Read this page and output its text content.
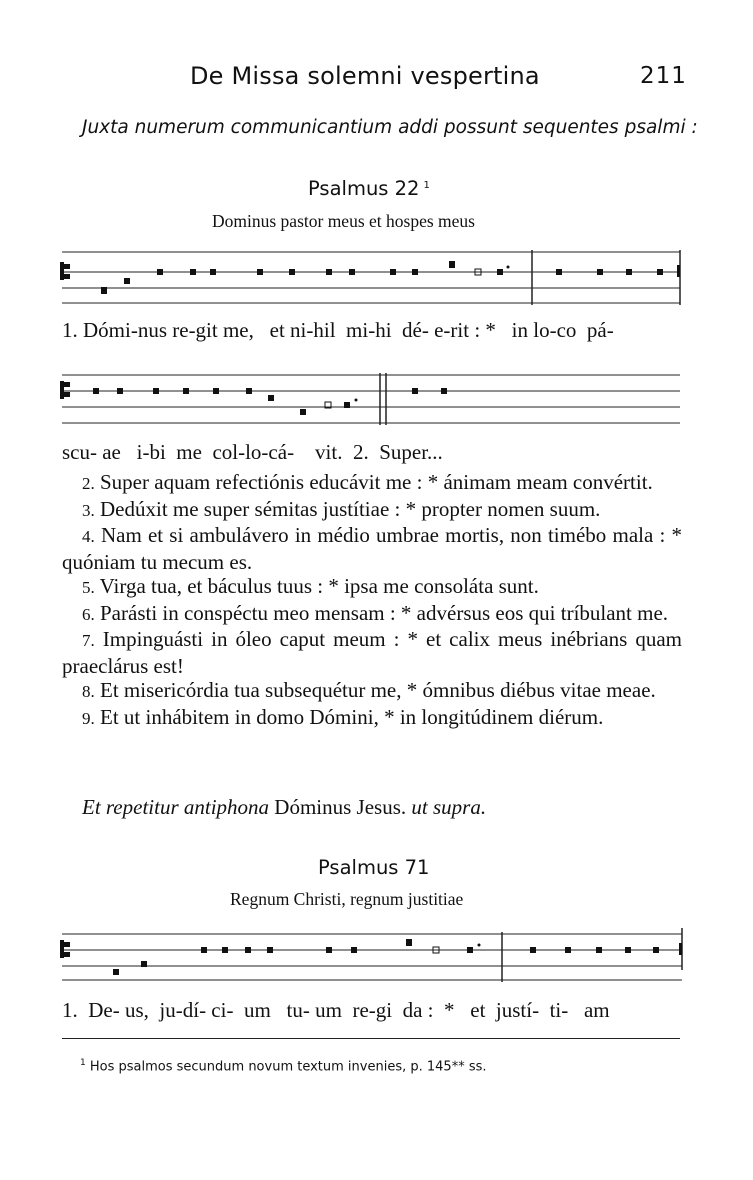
De Missa solemni vespertina	211
Juxta numerum communicantium addi possunt sequentes psalmi :
Psalmus 22 $^1$
Dominus pastor meus et hospes meus
1. Dómi-nus re-git me,   et ni-hil  mi-hi  dé- e-rit : *   in lo-co  pá-
scu- ae   i-bi  me  col-lo-cá-    vit.  2.  Super...

2. Super aquam refectiónis educávit me : * ánimam meam convértit.

3. Dedúxit me super sémitas justítiae : * propter nomen suum.

4. Nam et si ambulávero in médio umbrae mortis, non timébo mala : * quóniam tu mecum es.

5. Virga tua, et báculus tuus : * ipsa me consoláta sunt.

6. Parásti in conspéctu meo mensam : * advérsus eos qui tríbulant me.

7. Impinguásti in óleo caput meum : * et calix meus inébrians quam praeclárus est!

8. Et misericórdia tua subsequétur me, * ómnibus diébus vitae meae.

9. Et ut inhábitem in domo Dómini, * in longitúdinem diérum.

Et repetitur antiphona Dóminus Jesus. ut supra.
Psalmus 71
Regnum Christi, regnum justitiae
1.  De- us,  ju-dí- ci-  um   tu- um  re-gi  da :  *   et  justí-  ti-   am
$^1$ Hos psalmos secundum novum textum invenies, p. 145** ss.
